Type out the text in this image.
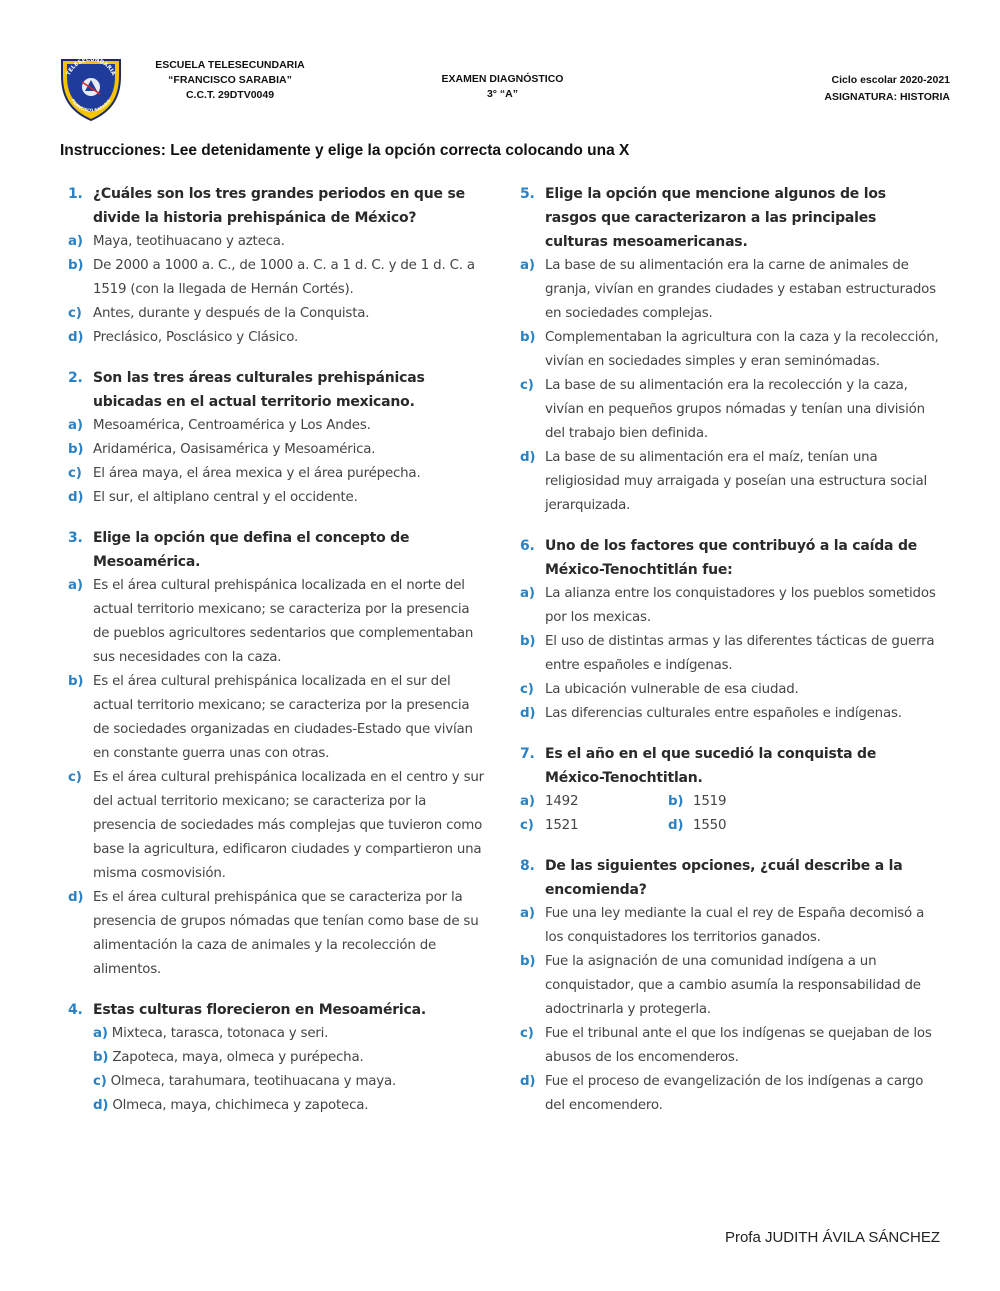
TELESECUNDARIA
FRANCISCO SARABIA
ESCUELA TELESECUNDARIA
“FRANCISCO SARABIA”
C.C.T. 29DTV0049
EXAMEN DIAGNÓSTICO
3° “A”
Ciclo escolar 2020-2021
ASIGNATURA: HISTORIA
Instrucciones: Lee detenidamente y elige la opción correcta colocando una X
1. ¿Cuáles son los tres grandes periodos en que se divide la historia prehispánica de México?
a) Maya, teotihuacano y azteca.
b) De 2000 a 1000 a. C., de 1000 a. C. a 1 d. C. y de 1 d. C. a 1519 (con la llegada de Hernán Cortés).
c) Antes, durante y después de la Conquista.
d) Preclásico, Posclásico y Clásico.
2. Son las tres áreas culturales prehispánicas ubicadas en el actual territorio mexicano.
a) Mesoamérica, Centroamérica y Los Andes.
b) Aridamérica, Oasisamérica y Mesoamérica.
c) El área maya, el área mexica y el área purépecha.
d) El sur, el altiplano central y el occidente.
3. Elige la opción que defina el concepto de Mesoamérica.
a) Es el área cultural prehispánica localizada en el norte del actual territorio mexicano; se caracteriza por la presencia de pueblos agricultores sedentarios que complementaban sus necesidades con la caza.
b) Es el área cultural prehispánica localizada en el sur del actual territorio mexicano; se caracteriza por la presencia de sociedades organizadas en ciudades-Estado que vivían en constante guerra unas con otras.
c) Es el área cultural prehispánica localizada en el centro y sur del actual territorio mexicano; se caracteriza por la presencia de sociedades más complejas que tuvieron como base la agricultura, edificaron ciudades y compartieron una misma cosmovisión.
d) Es el área cultural prehispánica que se caracteriza por la presencia de grupos nómadas que tenían como base de su alimentación la caza de animales y la recolección de alimentos.
4. Estas culturas florecieron en Mesoamérica.
a) Mixteca, tarasca, totonaca y seri.
b) Zapoteca, maya, olmeca y purépecha.
c) Olmeca, tarahumara, teotihuacana y maya.
d) Olmeca, maya, chichimeca y zapoteca.
5. Elige la opción que mencione algunos de los rasgos que caracterizaron a las principales culturas mesoamericanas.
a) La base de su alimentación era la carne de animales de granja, vivían en grandes ciudades y estaban estructurados en sociedades complejas.
b) Complementaban la agricultura con la caza y la recolección, vivían en sociedades simples y eran seminómadas.
c) La base de su alimentación era la recolección y la caza, vivían en pequeños grupos nómadas y tenían una división del trabajo bien definida.
d) La base de su alimentación era el maíz, tenían una religiosidad muy arraigada y poseían una estructura social jerarquizada.
6. Uno de los factores que contribuyó a la caída de México-Tenochtitlán fue:
a) La alianza entre los conquistadores y los pueblos sometidos por los mexicas.
b) El uso de distintas armas y las diferentes tácticas de guerra entre españoles e indígenas.
c) La ubicación vulnerable de esa ciudad.
d) Las diferencias culturales entre españoles e indígenas.
7. Es el año en el que sucedió la conquista de México-Tenochtitlan.
a) 1492	b) 1519
c) 1521	d) 1550
8. De las siguientes opciones, ¿cuál describe a la encomienda?
a) Fue una ley mediante la cual el rey de España decomisó a los conquistadores los territorios ganados.
b) Fue la asignación de una comunidad indígena a un conquistador, que a cambio asumía la responsabilidad de adoctrinarla y protegerla.
c) Fue el tribunal ante el que los indígenas se quejaban de los abusos de los encomenderos.
d) Fue el proceso de evangelización de los indígenas a cargo del encomendero.
Profa JUDITH ÁVILA SÁNCHEZ
